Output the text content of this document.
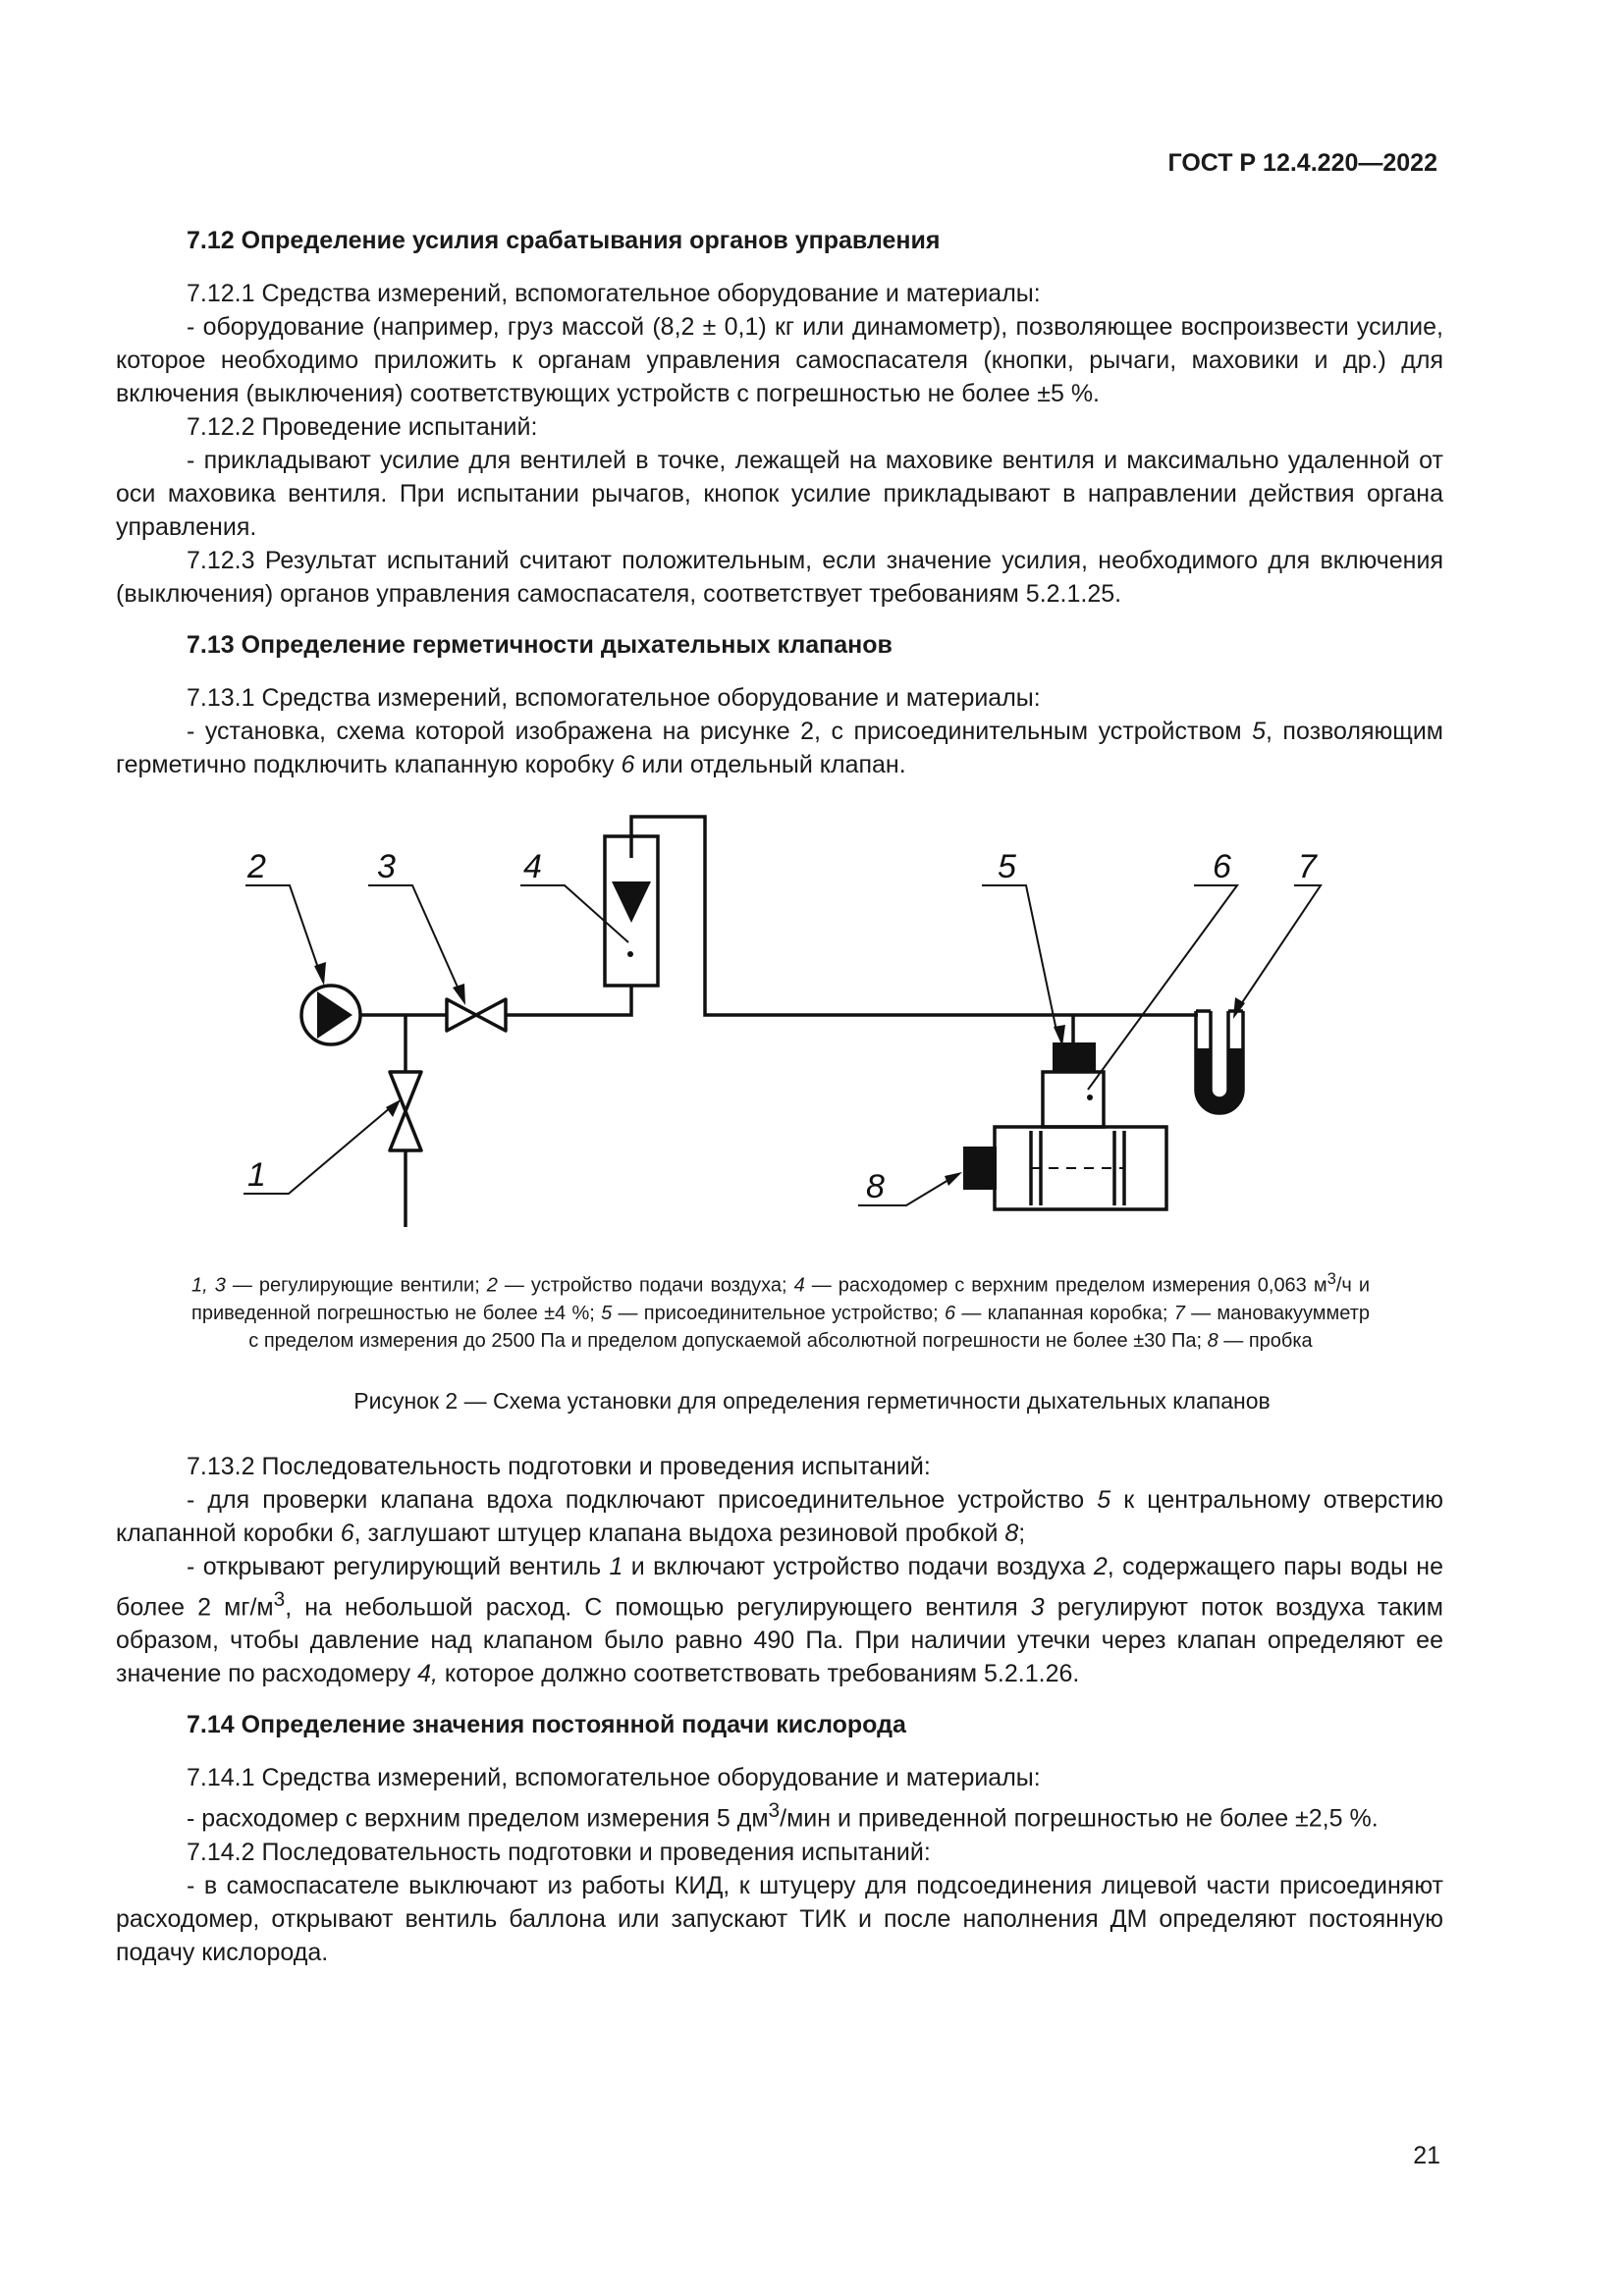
ГОСТ Р 12.4.220—2022
7.12 Определение усилия срабатывания органов управления

7.12.1 Средства измерений, вспомогательное оборудование и материалы:

- оборудование (например, груз массой (8,2 ± 0,1) кг или динамометр), позволяющее воспроизвести усилие, которое необходимо приложить к органам управления самоспасателя (кнопки, рычаги, маховики и др.) для включения (выключения) соответствующих устройств с погрешностью не более ±5 %.

7.12.2 Проведение испытаний:

- прикладывают усилие для вентилей в точке, лежащей на маховике вентиля и максимально удаленной от оси маховика вентиля. При испытании рычагов, кнопок усилие прикладывают в направлении действия органа управления.

7.12.3 Результат испытаний считают положительным, если значение усилия, необходимого для включения (выключения) органов управления самоспасателя, соответствует требованиям 5.2.1.25.

7.13 Определение герметичности дыхательных клапанов

7.13.1 Средства измерений, вспомогательное оборудование и материалы:

- установка, схема которой изображена на рисунке 2, с присоединительным устройством 5, позволяющим герметично подключить клапанную коробку 6 или отдельный клапан.

2	3	4	5	6 7
1	8
1, 3 — регулирующие вентили; 2 — устройство подачи воздуха; 4 — расходомер с верхним пределом измерения 0,063 $м^3/ч$ и приведенной погрешностью не более ±4 %; 5 — присоединительное устройство; 6 — клапанная коробка; 7 — мановакуумметр с пределом измерения до 2500 Па и пределом допускаемой абсолютной погрешности не более ±30 Па; 8 — пробка
Рисунок 2 — Схема установки для определения герметичности дыхательных клапанов

7.13.2 Последовательность подготовки и проведения испытаний:

- для проверки клапана вдоха подключают присоединительное устройство 5 к центральному отверстию клапанной коробки 6, заглушают штуцер клапана выдоха резиновой пробкой 8;

- открывают регулирующий вентиль 1 и включают устройство подачи воздуха 2, содержащего пары воды не более 2 $мг/м^3$, на небольшой расход. С помощью регулирующего вентиля 3 регулируют поток воздуха таким образом, чтобы давление над клапаном было равно 490 Па. При наличии утечки через клапан определяют ее значение по расходомеру 4, которое должно соответствовать требованиям 5.2.1.26.

7.14 Определение значения постоянной подачи кислорода

7.14.1 Средства измерений, вспомогательное оборудование и материалы:

- расходомер с верхним пределом измерения 5 $дм^3$/мин и приведенной погрешностью не более ±2,5 %.

7.14.2 Последовательность подготовки и проведения испытаний:

- в самоспасателе выключают из работы КИД, к штуцеру для подсоединения лицевой части присоединяют расходомер, открывают вентиль баллона или запускают ТИК и после наполнения ДМ определяют постоянную подачу кислорода.

21
